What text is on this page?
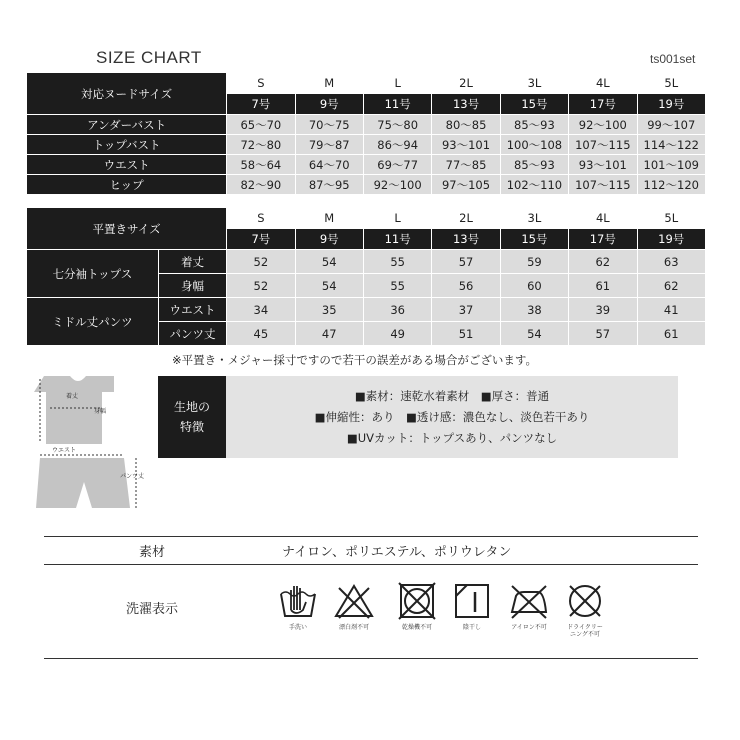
SIZE CHART	ts001set
対応ヌードサイズ	S	M	L	2L	3L	4L	5L
	7号	9号	11号	13号	15号	17号	19号
アンダーバスト	65〜70	70〜75	75〜80	80〜85	85〜93	92〜100	99〜107
トップバスト	72〜80	79〜87	86〜94	93〜101	100〜108	107〜115	114〜122
ウエスト	58〜64	64〜70	69〜77	77〜85	85〜93	93〜101	101〜109
ヒップ	82〜90	87〜95	92〜100	97〜105	102〜110	107〜115	112〜120
平置きサイズ		S	M	L	2L	3L	4L	5L
		7号	9号	11号	13号	15号	17号	19号
七分袖トップス	着丈	52	54	55	57	59	62	63
	身幅	52	54	55	56	60	61	62
ミドル丈パンツ	ウエスト	34	35	36	37	38	39	41
	パンツ丈	45	47	49	51	54	57	61
※平置き・メジャー採寸ですので若干の誤差がある場合がございます。
着丈
身幅
ウエスト
パンツ丈
生地の
特徴
■素材：速乾水着素材　■厚さ：普通
■伸縮性：あり　■透け感：濃色なし、淡色若干あり
■UVカット：トップスあり、パンツなし
素材	ナイロン、ポリエステル、ポリウレタン
洗濯表示
手洗い	漂白剤不可	乾燥機不可	陰干し	アイロン不可	ドライクリー
ニング不可
